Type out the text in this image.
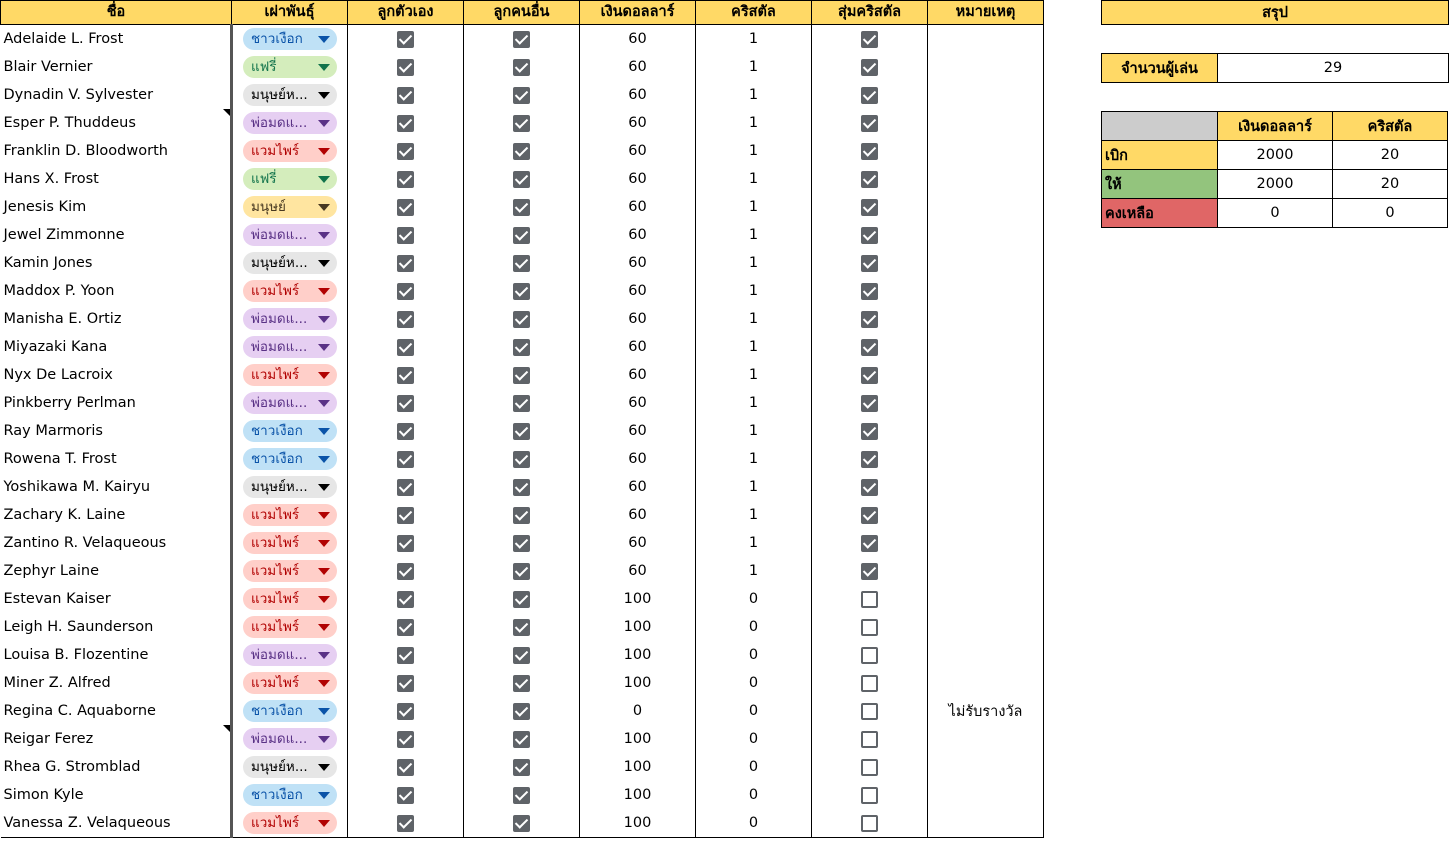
ชื่อ	เผ่าพันธุ์	ลูกตัวเอง	ลูกคนอื่น	เงินดอลลาร์	คริสตัล	สุ่มคริสตัล	หมายเหตุ
Adelaide L. Frost	ชาวเงือก			60	1		
Blair Vernier	แฟรี่			60	1		
Dynadin V. Sylvester	มนุษย์ห...			60	1		
Esper P. Thuddeus	พ่อมดแ...			60	1		
Franklin D. Bloodworth	แวมไพร์			60	1		
Hans X. Frost	แฟรี่			60	1		
Jenesis Kim	มนุษย์			60	1		
Jewel Zimmonne	พ่อมดแ...			60	1		
Kamin Jones	มนุษย์ห...			60	1		
Maddox P. Yoon	แวมไพร์			60	1		
Manisha E. Ortiz	พ่อมดแ...			60	1		
Miyazaki Kana	พ่อมดแ...			60	1		
Nyx De Lacroix	แวมไพร์			60	1		
Pinkberry Perlman	พ่อมดแ...			60	1		
Ray Marmoris	ชาวเงือก			60	1		
Rowena T. Frost	ชาวเงือก			60	1		
Yoshikawa M. Kairyu	มนุษย์ห...			60	1		
Zachary K. Laine	แวมไพร์			60	1		
Zantino R. Velaqueous	แวมไพร์			60	1		
Zephyr Laine	แวมไพร์			60	1		
Estevan Kaiser	แวมไพร์			100	0		
Leigh H. Saunderson	แวมไพร์			100	0		
Louisa B. Flozentine	พ่อมดแ...			100	0		
Miner Z. Alfred	แวมไพร์			100	0		
Regina C. Aquaborne	ชาวเงือก			0	0		ไม่รับรางวัล
Reigar Ferez	พ่อมดแ...			100	0		
Rhea G. Stromblad	มนุษย์ห...			100	0		
Simon Kyle	ชาวเงือก			100	0		
Vanessa Z. Velaqueous	แวมไพร์			100	0		
สรุป
จำนวนผู้เล่น	29
	เงินดอลลาร์	คริสตัล
เบิก	2000	20
ให้	2000	20
คงเหลือ	0	0
